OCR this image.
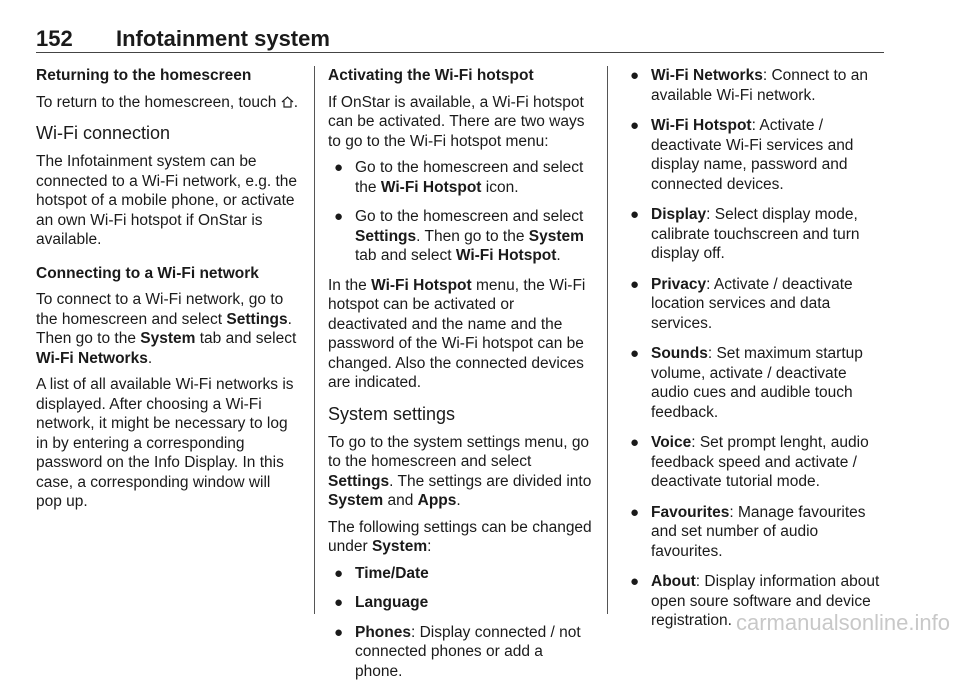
152 Infotainment system

Returning to the homescreen

To return to the homescreen, touch .

Wi-Fi connection

The Infotainment system can be connected to a Wi-Fi network, e.g. the hotspot of a mobile phone, or activate an own Wi-Fi hotspot if OnStar is available.

Connecting to a Wi-Fi network

To connect to a Wi-Fi network, go to the homescreen and select Settings. Then go to the System tab and select Wi-Fi Networks.

A list of all available Wi-Fi networks is displayed. After choosing a Wi-Fi network, it might be necessary to log in by entering a corresponding password on the Info Display. In this case, a corresponding window will pop up.

Activating the Wi-Fi hotspot

If OnStar is available, a Wi-Fi hotspot can be activated. There are two ways to go to the Wi-Fi hotspot menu:

● Go to the homescreen and select the Wi-Fi Hotspot icon.
● Go to the homescreen and select Settings. Then go to the System tab and select Wi-Fi Hotspot.

In the Wi-Fi Hotspot menu, the Wi-Fi hotspot can be activated or deactivated and the name and the password of the Wi-Fi hotspot can be changed. Also the connected devices are indicated.

System settings

To go to the system settings menu, go to the homescreen and select Settings. The settings are divided into System and Apps.

The following settings can be changed under System:

● Time/Date
● Language
● Phones: Display connected / not connected phones or add a phone.
● Wi-Fi Networks: Connect to an available Wi-Fi network.
● Wi-Fi Hotspot: Activate / deactivate Wi-Fi services and display name, password and connected devices.
● Display: Select display mode, calibrate touchscreen and turn display off.
● Privacy: Activate / deactivate location services and data services.
● Sounds: Set maximum startup volume, activate / deactivate audio cues and audible touch feedback.
● Voice: Set prompt lenght, audio feedback speed and activate / deactivate tutorial mode.
● Favourites: Manage favourites and set number of audio favourites.
● About: Display information about open soure software and device registration. carmanualsonline.info
